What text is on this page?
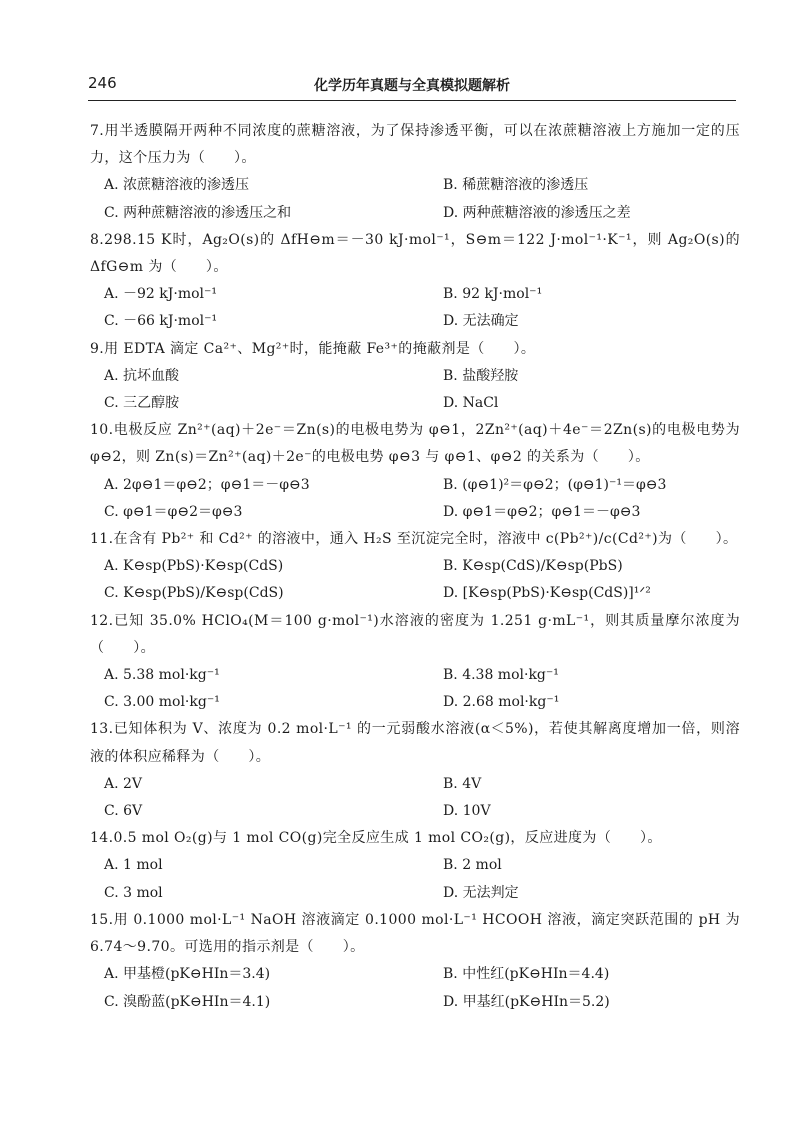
246	化学历年真题与全真模拟题解析

7.用半透膜隔开两种不同浓度的蔗糖溶液，为了保持渗透平衡，可以在浓蔗糖溶液上方施加一定的压力，这个压力为（　　）。

A. 浓蔗糖溶液的渗透压	B. 稀蔗糖溶液的渗透压

C. 两种蔗糖溶液的渗透压之和	D. 两种蔗糖溶液的渗透压之差

8.298.15 K时，Ag₂O(s)的 ΔfH⊖m＝－30 kJ·mol⁻¹，S⊖m＝122 J·mol⁻¹·K⁻¹，则 Ag₂O(s)的 ΔfG⊖m 为（　　）。

A. －92 kJ·mol⁻¹	B. 92 kJ·mol⁻¹

C. －66 kJ·mol⁻¹	D. 无法确定

9.用 EDTA 滴定 Ca²⁺、Mg²⁺时，能掩蔽 Fe³⁺的掩蔽剂是（　　）。

A. 抗坏血酸	B. 盐酸羟胺

C. 三乙醇胺	D. NaCl

10.电极反应 Zn²⁺(aq)＋2e⁻＝Zn(s)的电极电势为 φ⊖1，2Zn²⁺(aq)＋4e⁻＝2Zn(s)的电极电势为 φ⊖2，则 Zn(s)＝Zn²⁺(aq)＋2e⁻的电极电势 φ⊖3 与 φ⊖1、φ⊖2 的关系为（　　）。

A. 2φ⊖1＝φ⊖2；φ⊖1＝－φ⊖3	B. (φ⊖1)²＝φ⊖2；(φ⊖1)⁻¹＝φ⊖3

C. φ⊖1＝φ⊖2＝φ⊖3	D. φ⊖1＝φ⊖2；φ⊖1＝－φ⊖3

11.在含有 Pb²⁺ 和 Cd²⁺ 的溶液中，通入 H₂S 至沉淀完全时，溶液中 c(Pb²⁺)/c(Cd²⁺)为（　　）。

A. K⊖sp(PbS)·K⊖sp(CdS)	B. K⊖sp(CdS)/K⊖sp(PbS)

C. K⊖sp(PbS)/K⊖sp(CdS)	D. [K⊖sp(PbS)·K⊖sp(CdS)]¹ᐟ²

12.已知 35.0% HClO₄(M＝100 g·mol⁻¹)水溶液的密度为 1.251 g·mL⁻¹，则其质量摩尔浓度为（　　）。

A. 5.38 mol·kg⁻¹	B. 4.38 mol·kg⁻¹

C. 3.00 mol·kg⁻¹	D. 2.68 mol·kg⁻¹

13.已知体积为 V、浓度为 0.2 mol·L⁻¹ 的一元弱酸水溶液(α＜5%)，若使其解离度增加一倍，则溶液的体积应稀释为（　　）。

A. 2V	B. 4V

C. 6V	D. 10V

14.0.5 mol O₂(g)与 1 mol CO(g)完全反应生成 1 mol CO₂(g)，反应进度为（　　）。

A. 1 mol	B. 2 mol

C. 3 mol	D. 无法判定

15.用 0.1000 mol·L⁻¹ NaOH 溶液滴定 0.1000 mol·L⁻¹ HCOOH 溶液，滴定突跃范围的 pH 为 6.74～9.70。可选用的指示剂是（　　）。

A. 甲基橙(pK⊖HIn＝3.4)	B. 中性红(pK⊖HIn＝4.4)

C. 溴酚蓝(pK⊖HIn＝4.1)	D. 甲基红(pK⊖HIn＝5.2)
